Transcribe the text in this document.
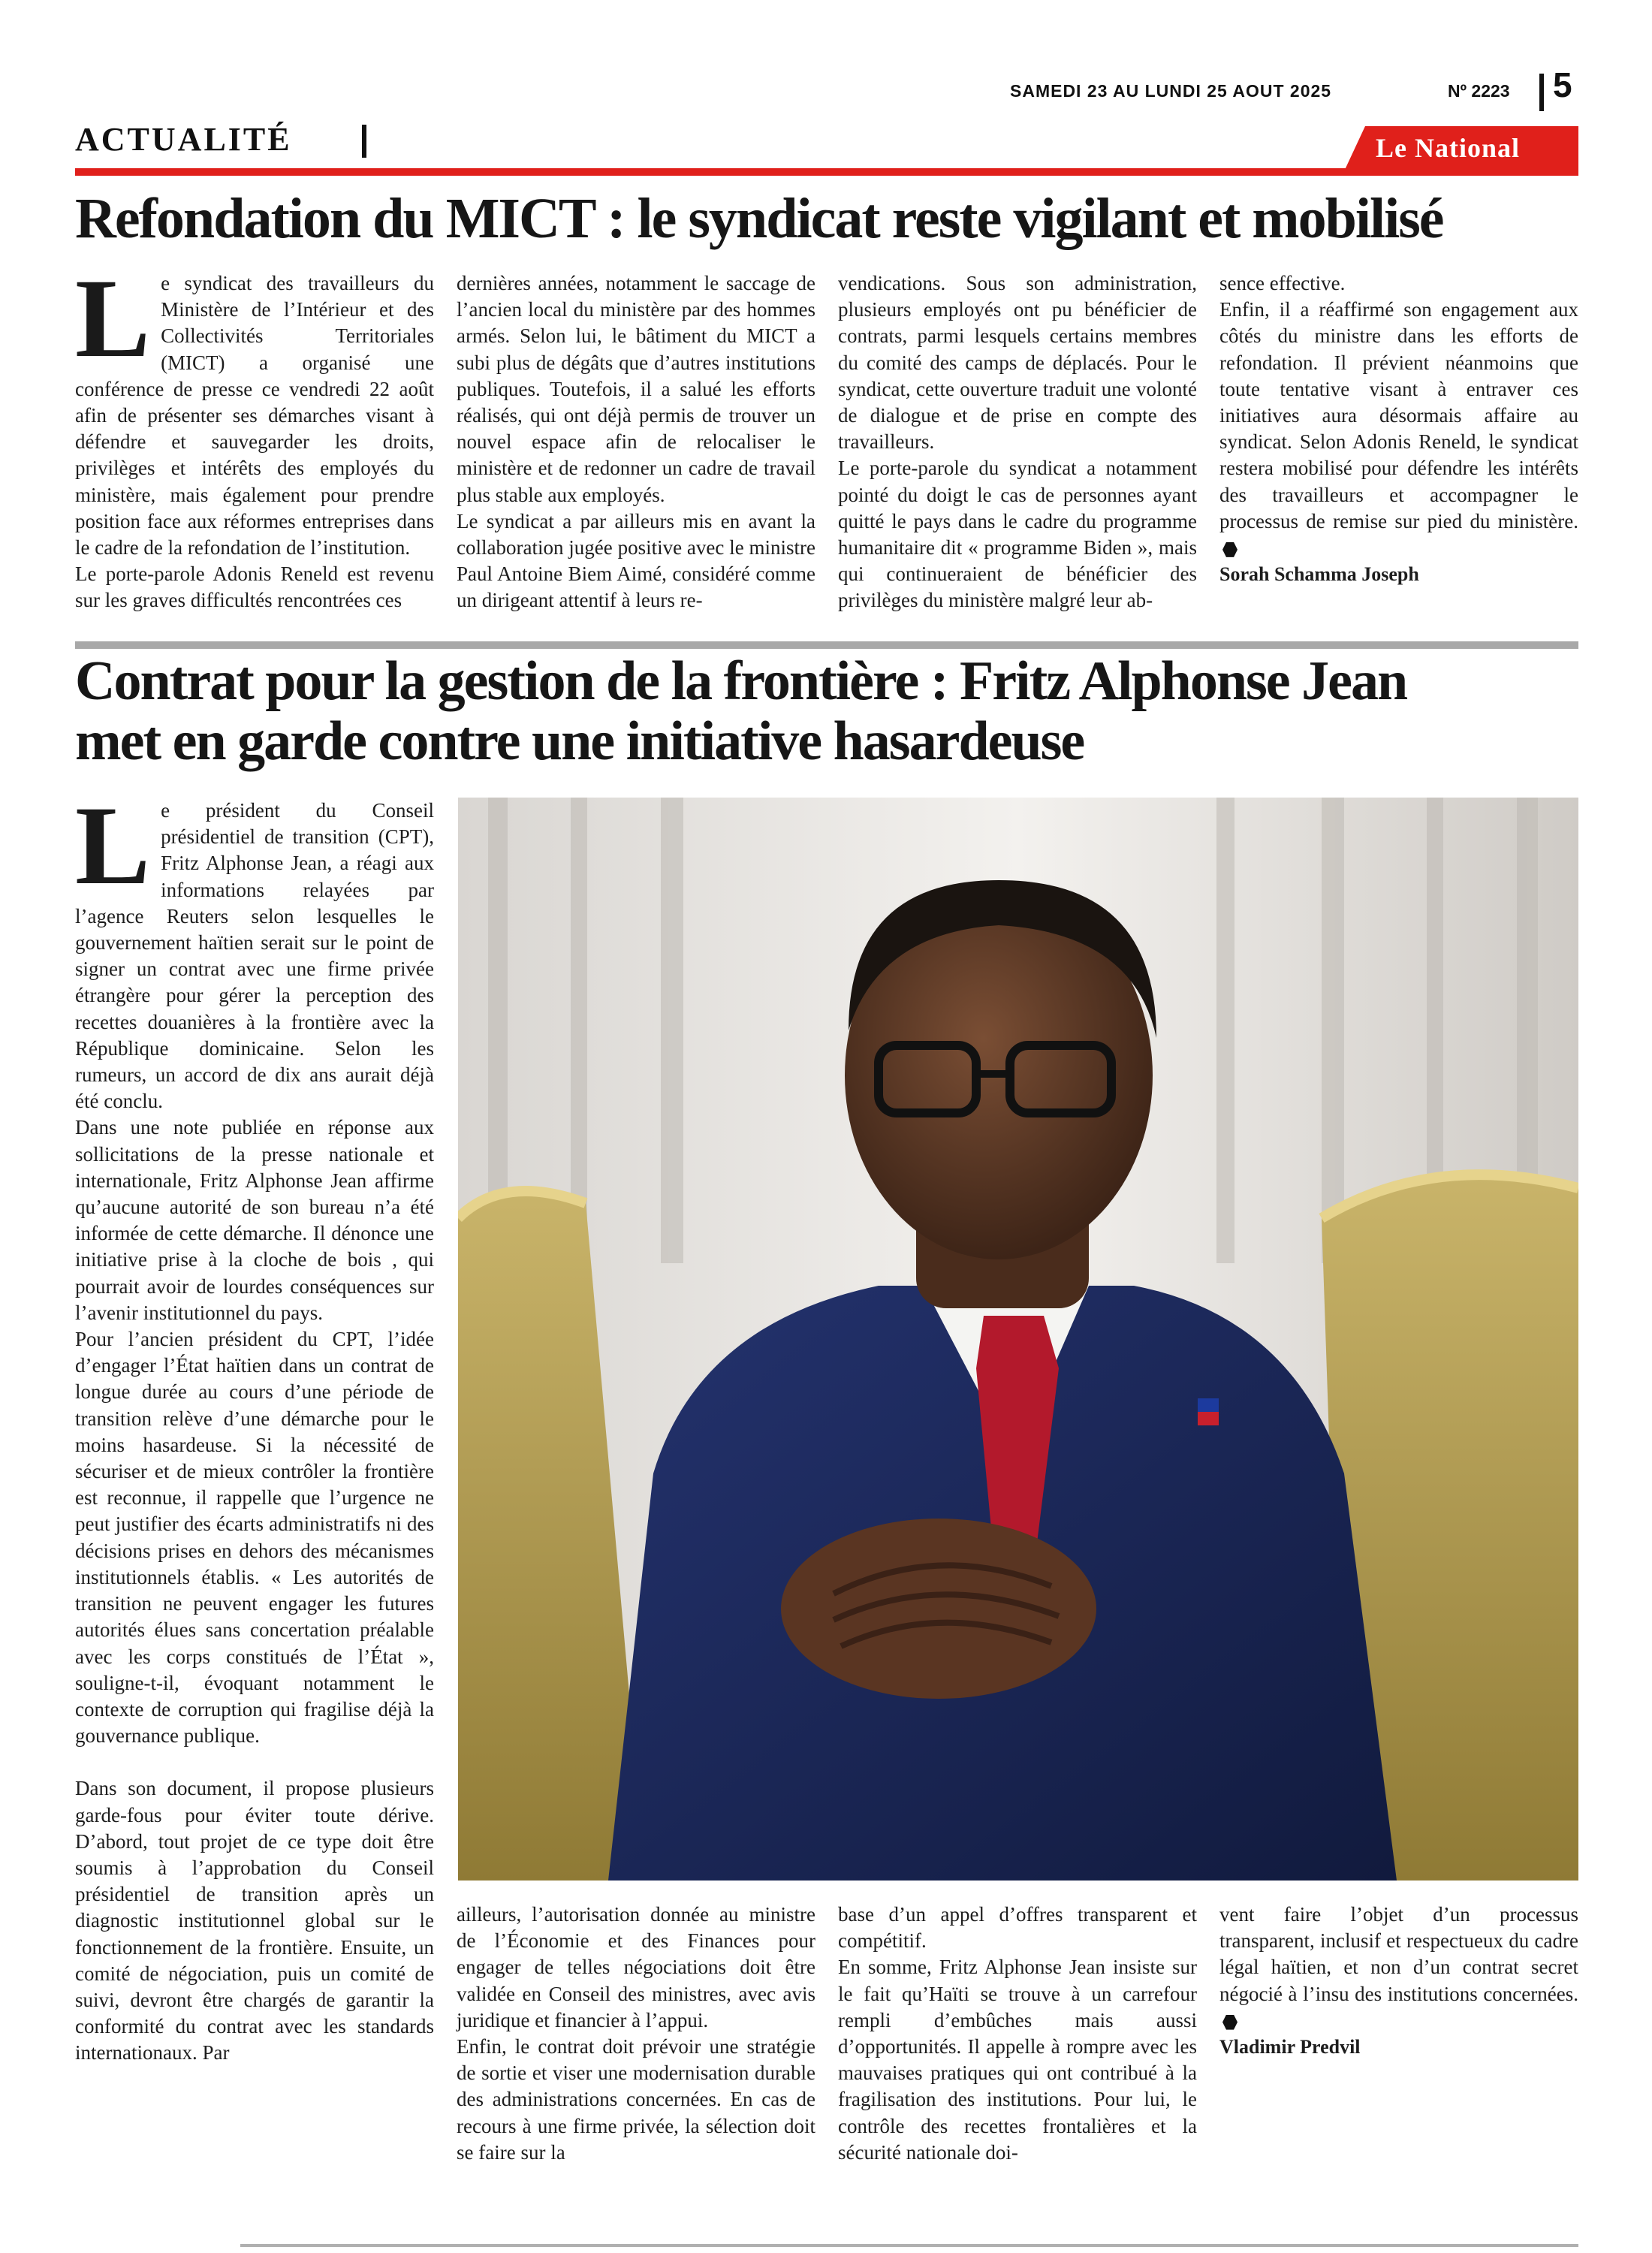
SAMEDI 23 AU LUNDI 25 AOUT 2025	Nº 2223 5
ACTUALITÉ	Le National
Refondation du MICT : le syndicat reste vigilant et mobilisé

Le syndicat des travailleurs du Ministère de l’Intérieur et des Collectivités Territoriales (MICT) a organisé une conférence de presse ce vendredi 22 août afin de présenter ses démarches visant à défendre et sauvegarder les droits, privilèges et intérêts des employés du ministère, mais également pour prendre position face aux réformes entreprises dans le cadre de la refondation de l’institution.

Le porte-parole Adonis Reneld est revenu sur les graves difficultés rencontrées ces

dernières années, notamment le saccage de l’ancien local du ministère par des hommes armés. Selon lui, le bâtiment du MICT a subi plus de dégâts que d’autres institutions publiques. Toutefois, il a salué les efforts réalisés, qui ont déjà permis de trouver un nouvel espace afin de relocaliser le ministère et de redonner un cadre de travail plus stable aux employés.

Le syndicat a par ailleurs mis en avant la collaboration jugée positive avec le ministre Paul Antoine Biem Aimé, considéré comme un dirigeant attentif à leurs re-

vendications. Sous son administration, plusieurs employés ont pu bénéficier de contrats, parmi lesquels certains membres du comité des camps de déplacés. Pour le syndicat, cette ouverture traduit une volonté de dialogue et de prise en compte des travailleurs.

Le porte-parole du syndicat a notamment pointé du doigt le cas de personnes ayant quitté le pays dans le cadre du programme humanitaire dit « programme Biden », mais qui continueraient de bénéficier des privilèges du ministère malgré leur ab-

sence effective.

Enfin, il a réaffirmé son engagement aux côtés du ministre dans les efforts de refondation. Il prévient néanmoins que toute tentative visant à entraver ces initiatives aura désormais affaire au syndicat. Selon Adonis Reneld, le syndicat restera mobilisé pour défendre les intérêts des travailleurs et accompagner le processus de remise sur pied du ministère.

Sorah Schamma Joseph

Contrat pour la gestion de la frontière : Fritz Alphonse Jean
met en garde contre une initiative hasardeuse

Le président du Conseil présidentiel de transition (CPT), Fritz Alphonse Jean, a réagi aux informations relayées par l’agence Reuters selon lesquelles le gouvernement haïtien serait sur le point de signer un contrat avec une firme privée étrangère pour gérer la perception des recettes douanières à la frontière avec la République dominicaine. Selon les rumeurs, un accord de dix ans aurait déjà été conclu.

Dans une note publiée en réponse aux sollicitations de la presse nationale et internationale, Fritz Alphonse Jean affirme qu’aucune autorité de son bureau n’a été informée de cette démarche. Il dénonce une initiative prise à la cloche de bois , qui pourrait avoir de lourdes conséquences sur l’avenir institutionnel du pays.

Pour l’ancien président du CPT, l’idée d’engager l’État haïtien dans un contrat de longue durée au cours d’une période de transition relève d’une démarche pour le moins hasardeuse. Si la nécessité de sécuriser et de mieux contrôler la frontière est reconnue, il rappelle que l’urgence ne peut justifier des écarts administratifs ni des décisions prises en dehors des mécanismes institutionnels établis. « Les autorités de transition ne peuvent engager les futures autorités élues sans concertation préalable avec les corps constitués de l’État », souligne-t-il, évoquant notamment le contexte de corruption qui fragilise déjà la gouvernance publique.

Dans son document, il propose plusieurs garde-fous pour éviter toute dérive. D’abord, tout projet de ce type doit être soumis à l’approbation du Conseil présidentiel de transition après un diagnostic institutionnel global sur le fonctionnement de la frontière. Ensuite, un comité de négociation, puis un comité de suivi, devront être chargés de garantir la conformité du contrat avec les standards internationaux. Par

ailleurs, l’autorisation donnée au ministre de l’Économie et des Finances pour engager de telles négociations doit être validée en Conseil des ministres, avec avis juridique et financier à l’appui.

Enfin, le contrat doit prévoir une stratégie de sortie et viser une modernisation durable des administrations concernées. En cas de recours à une firme privée, la sélection doit se faire sur la

base d’un appel d’offres transparent et compétitif.

En somme, Fritz Alphonse Jean insiste sur le fait qu’Haïti se trouve à un carrefour rempli d’embûches mais aussi d’opportunités. Il appelle à rompre avec les mauvaises pratiques qui ont contribué à la fragilisation des institutions. Pour lui, le contrôle des recettes frontalières et la sécurité nationale doi-

vent faire l’objet d’un processus transparent, inclusif et respectueux du cadre légal haïtien, et non d’un contrat secret négocié à l’insu des institutions concernées.

Vladimir Predvil
